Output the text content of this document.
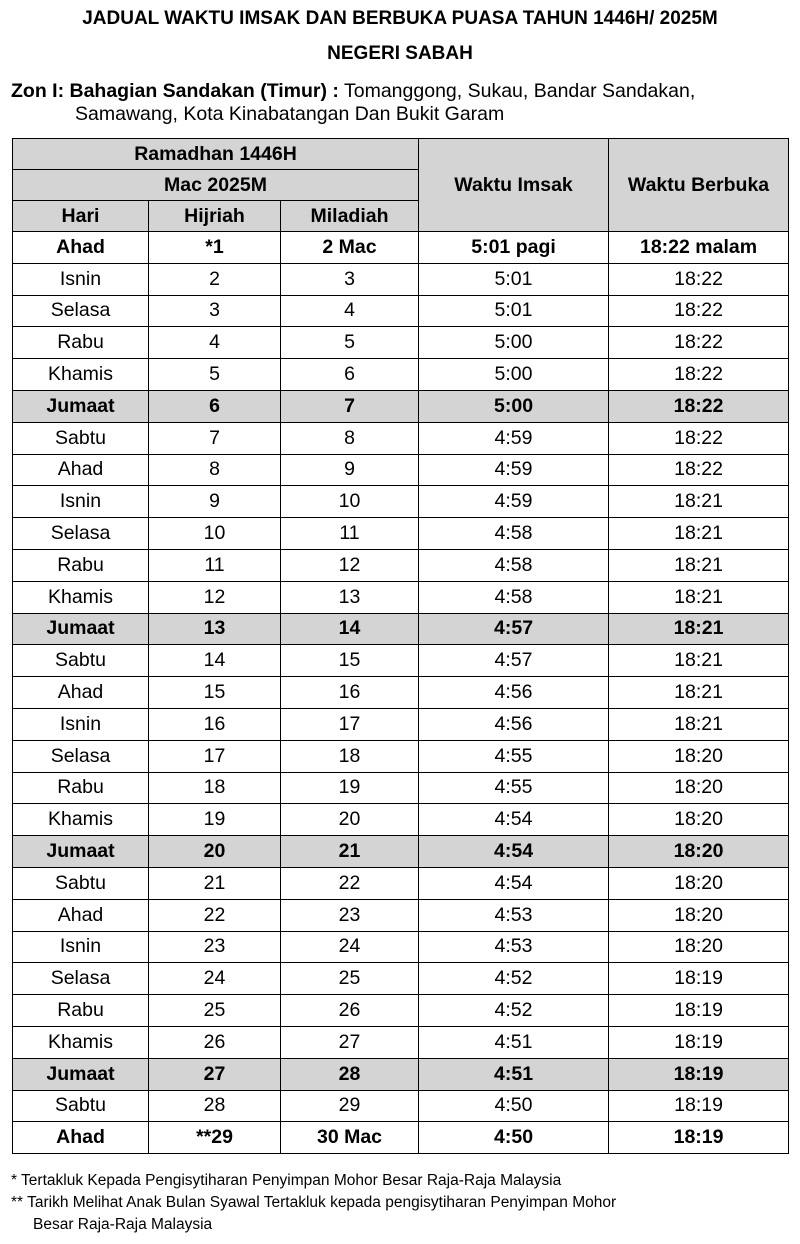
JADUAL WAKTU IMSAK DAN BERBUKA PUASA TAHUN 1446H/ 2025M
NEGERI SABAH
Zon I: Bahagian Sandakan (Timur) : Tomanggong, Sukau, Bandar Sandakan,
Samawang, Kota Kinabatangan Dan Bukit Garam
Ramadhan 1446H			Waktu Imsak	Waktu Berbuka
Mac 2025M				
Hari	Hijriah	Miladiah		
Ahad	*1	2 Mac	5:01 pagi	18:22 malam
Isnin	2	3	5:01	18:22
Selasa	3	4	5:01	18:22
Rabu	4	5	5:00	18:22
Khamis	5	6	5:00	18:22
Jumaat	6	7	5:00	18:22
Sabtu	7	8	4:59	18:22
Ahad	8	9	4:59	18:22
Isnin	9	10	4:59	18:21
Selasa	10	11	4:58	18:21
Rabu	11	12	4:58	18:21
Khamis	12	13	4:58	18:21
Jumaat	13	14	4:57	18:21
Sabtu	14	15	4:57	18:21
Ahad	15	16	4:56	18:21
Isnin	16	17	4:56	18:21
Selasa	17	18	4:55	18:20
Rabu	18	19	4:55	18:20
Khamis	19	20	4:54	18:20
Jumaat	20	21	4:54	18:20
Sabtu	21	22	4:54	18:20
Ahad	22	23	4:53	18:20
Isnin	23	24	4:53	18:20
Selasa	24	25	4:52	18:19
Rabu	25	26	4:52	18:19
Khamis	26	27	4:51	18:19
Jumaat	27	28	4:51	18:19
Sabtu	28	29	4:50	18:19
Ahad	**29	30 Mac	4:50	18:19
* Tertakluk Kepada Pengisytiharan Penyimpan Mohor Besar Raja-Raja Malaysia
** Tarikh Melihat Anak Bulan Syawal Tertakluk kepada pengisytiharan Penyimpan Mohor
Besar Raja-Raja Malaysia
